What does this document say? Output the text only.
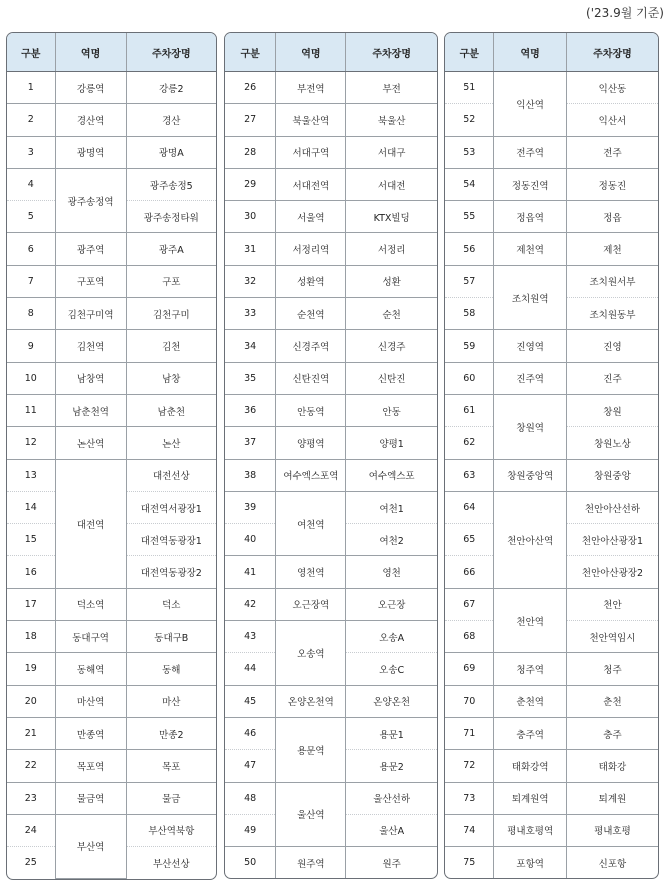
('23.9월 기준)
구분	역명	주차장명
1	강릉역	강릉2
2	경산역	경산
3	광명역	광명A
4	광주송정역	광주송정5
5		광주송정타워
6	광주역	광주A
7	구포역	구포
8	김천구미역	김천구미
9	김천역	김천
10	남창역	남창
11	남춘천역	남춘천
12	논산역	논산
13	대전역	대전선상
14		대전역서광장1
15		대전역동광장1
16		대전역동광장2
17	덕소역	덕소
18	동대구역	동대구B
19	동해역	동해
20	마산역	마산
21	만종역	만종2
22	목포역	목포
23	물금역	물금
24	부산역	부산역북항
25		부산선상
구분	역명	주차장명
26	부전역	부전
27	북울산역	북울산
28	서대구역	서대구
29	서대전역	서대전
30	서울역	KTX빌딩
31	서정리역	서정리
32	성환역	성환
33	순천역	순천
34	신경주역	신경주
35	신탄진역	신탄진
36	안동역	안동
37	양평역	양평1
38	여수엑스포역	여수엑스포
39	여천역	여천1
40		여천2
41	영천역	영천
42	오근장역	오근장
43	오송역	오송A
44		오송C
45	온양온천역	온양온천
46	용문역	용문1
47		용문2
48	울산역	울산선하
49		울산A
50	원주역	원주
구분	역명	주차장명
51	익산역	익산동
52		익산서
53	전주역	전주
54	정동진역	정동진
55	정읍역	정읍
56	제천역	제천
57	조치원역	조치원서부
58		조치원동부
59	진영역	진영
60	진주역	진주
61	창원역	창원
62		창원노상
63	창원중앙역	창원중앙
64	천안아산역	천안아산선하
65		천안아산광장1
66		천안아산광장2
67	천안역	천안
68		천안역임시
69	청주역	청주
70	춘천역	춘천
71	충주역	충주
72	태화강역	태화강
73	퇴계원역	퇴계원
74	평내호평역	평내호평
75	포항역	신포항
